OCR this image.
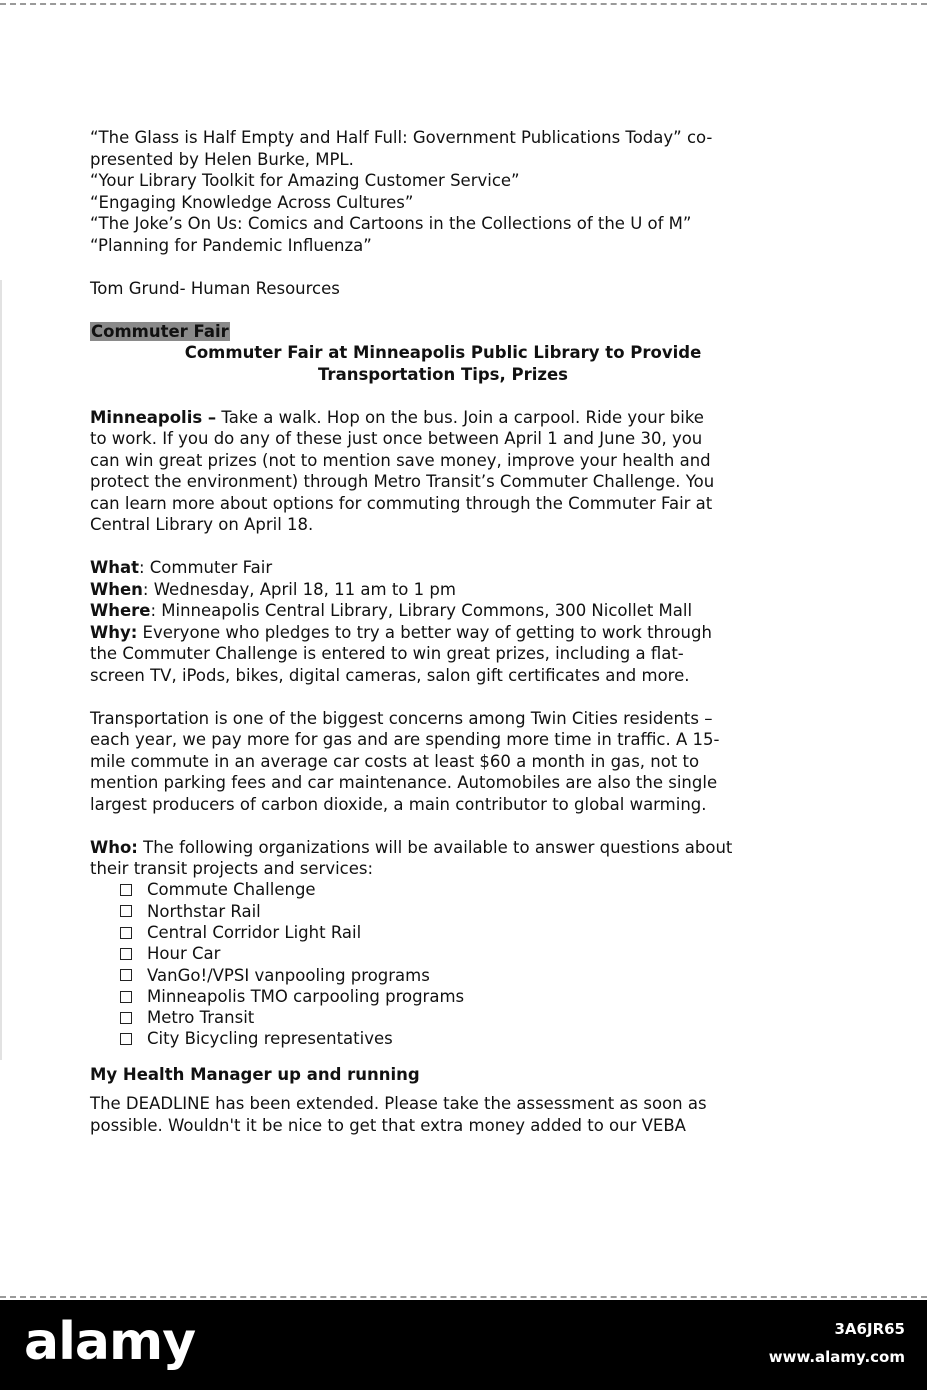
“The Glass is Half Empty and Half Full: Government Publications Today” co-
presented by Helen Burke, MPL.
“Your Library Toolkit for Amazing Customer Service”
“Engaging Knowledge Across Cultures”
“The Joke’s On Us: Comics and Cartoons in the Collections of the U of M”
“Planning for Pandemic Influenza”
Tom Grund- Human Resources
Commuter Fair
Commuter Fair at Minneapolis Public Library to Provide
Transportation Tips, Prizes
Minneapolis – Take a walk. Hop on the bus. Join a carpool. Ride your bike
to work. If you do any of these just once between April 1 and June 30, you
can win great prizes (not to mention save money, improve your health and
protect the environment) through Metro Transit’s Commuter Challenge. You
can learn more about options for commuting through the Commuter Fair at
Central Library on April 18.
What: Commuter Fair
When: Wednesday, April 18, 11 am to 1 pm
Where: Minneapolis Central Library, Library Commons, 300 Nicollet Mall
Why: Everyone who pledges to try a better way of getting to work through
the Commuter Challenge is entered to win great prizes, including a flat-
screen TV, iPods, bikes, digital cameras, salon gift certificates and more.
Transportation is one of the biggest concerns among Twin Cities residents –
each year, we pay more for gas and are spending more time in traffic. A 15-
mile commute in an average car costs at least $60 a month in gas, not to
mention parking fees and car maintenance. Automobiles are also the single
largest producers of carbon dioxide, a main contributor to global warming.
Who: The following organizations will be available to answer questions about
their transit projects and services:
Commute Challenge
Northstar Rail
Central Corridor Light Rail
Hour Car
VanGo!/VPSI vanpooling programs
Minneapolis TMO carpooling programs
Metro Transit
City Bicycling representatives
My Health Manager up and running
The DEADLINE has been extended. Please take the assessment as soon as
possible. Wouldn't it be nice to get that extra money added to our VEBA
alamy	3A6JR65
www.alamy.com
